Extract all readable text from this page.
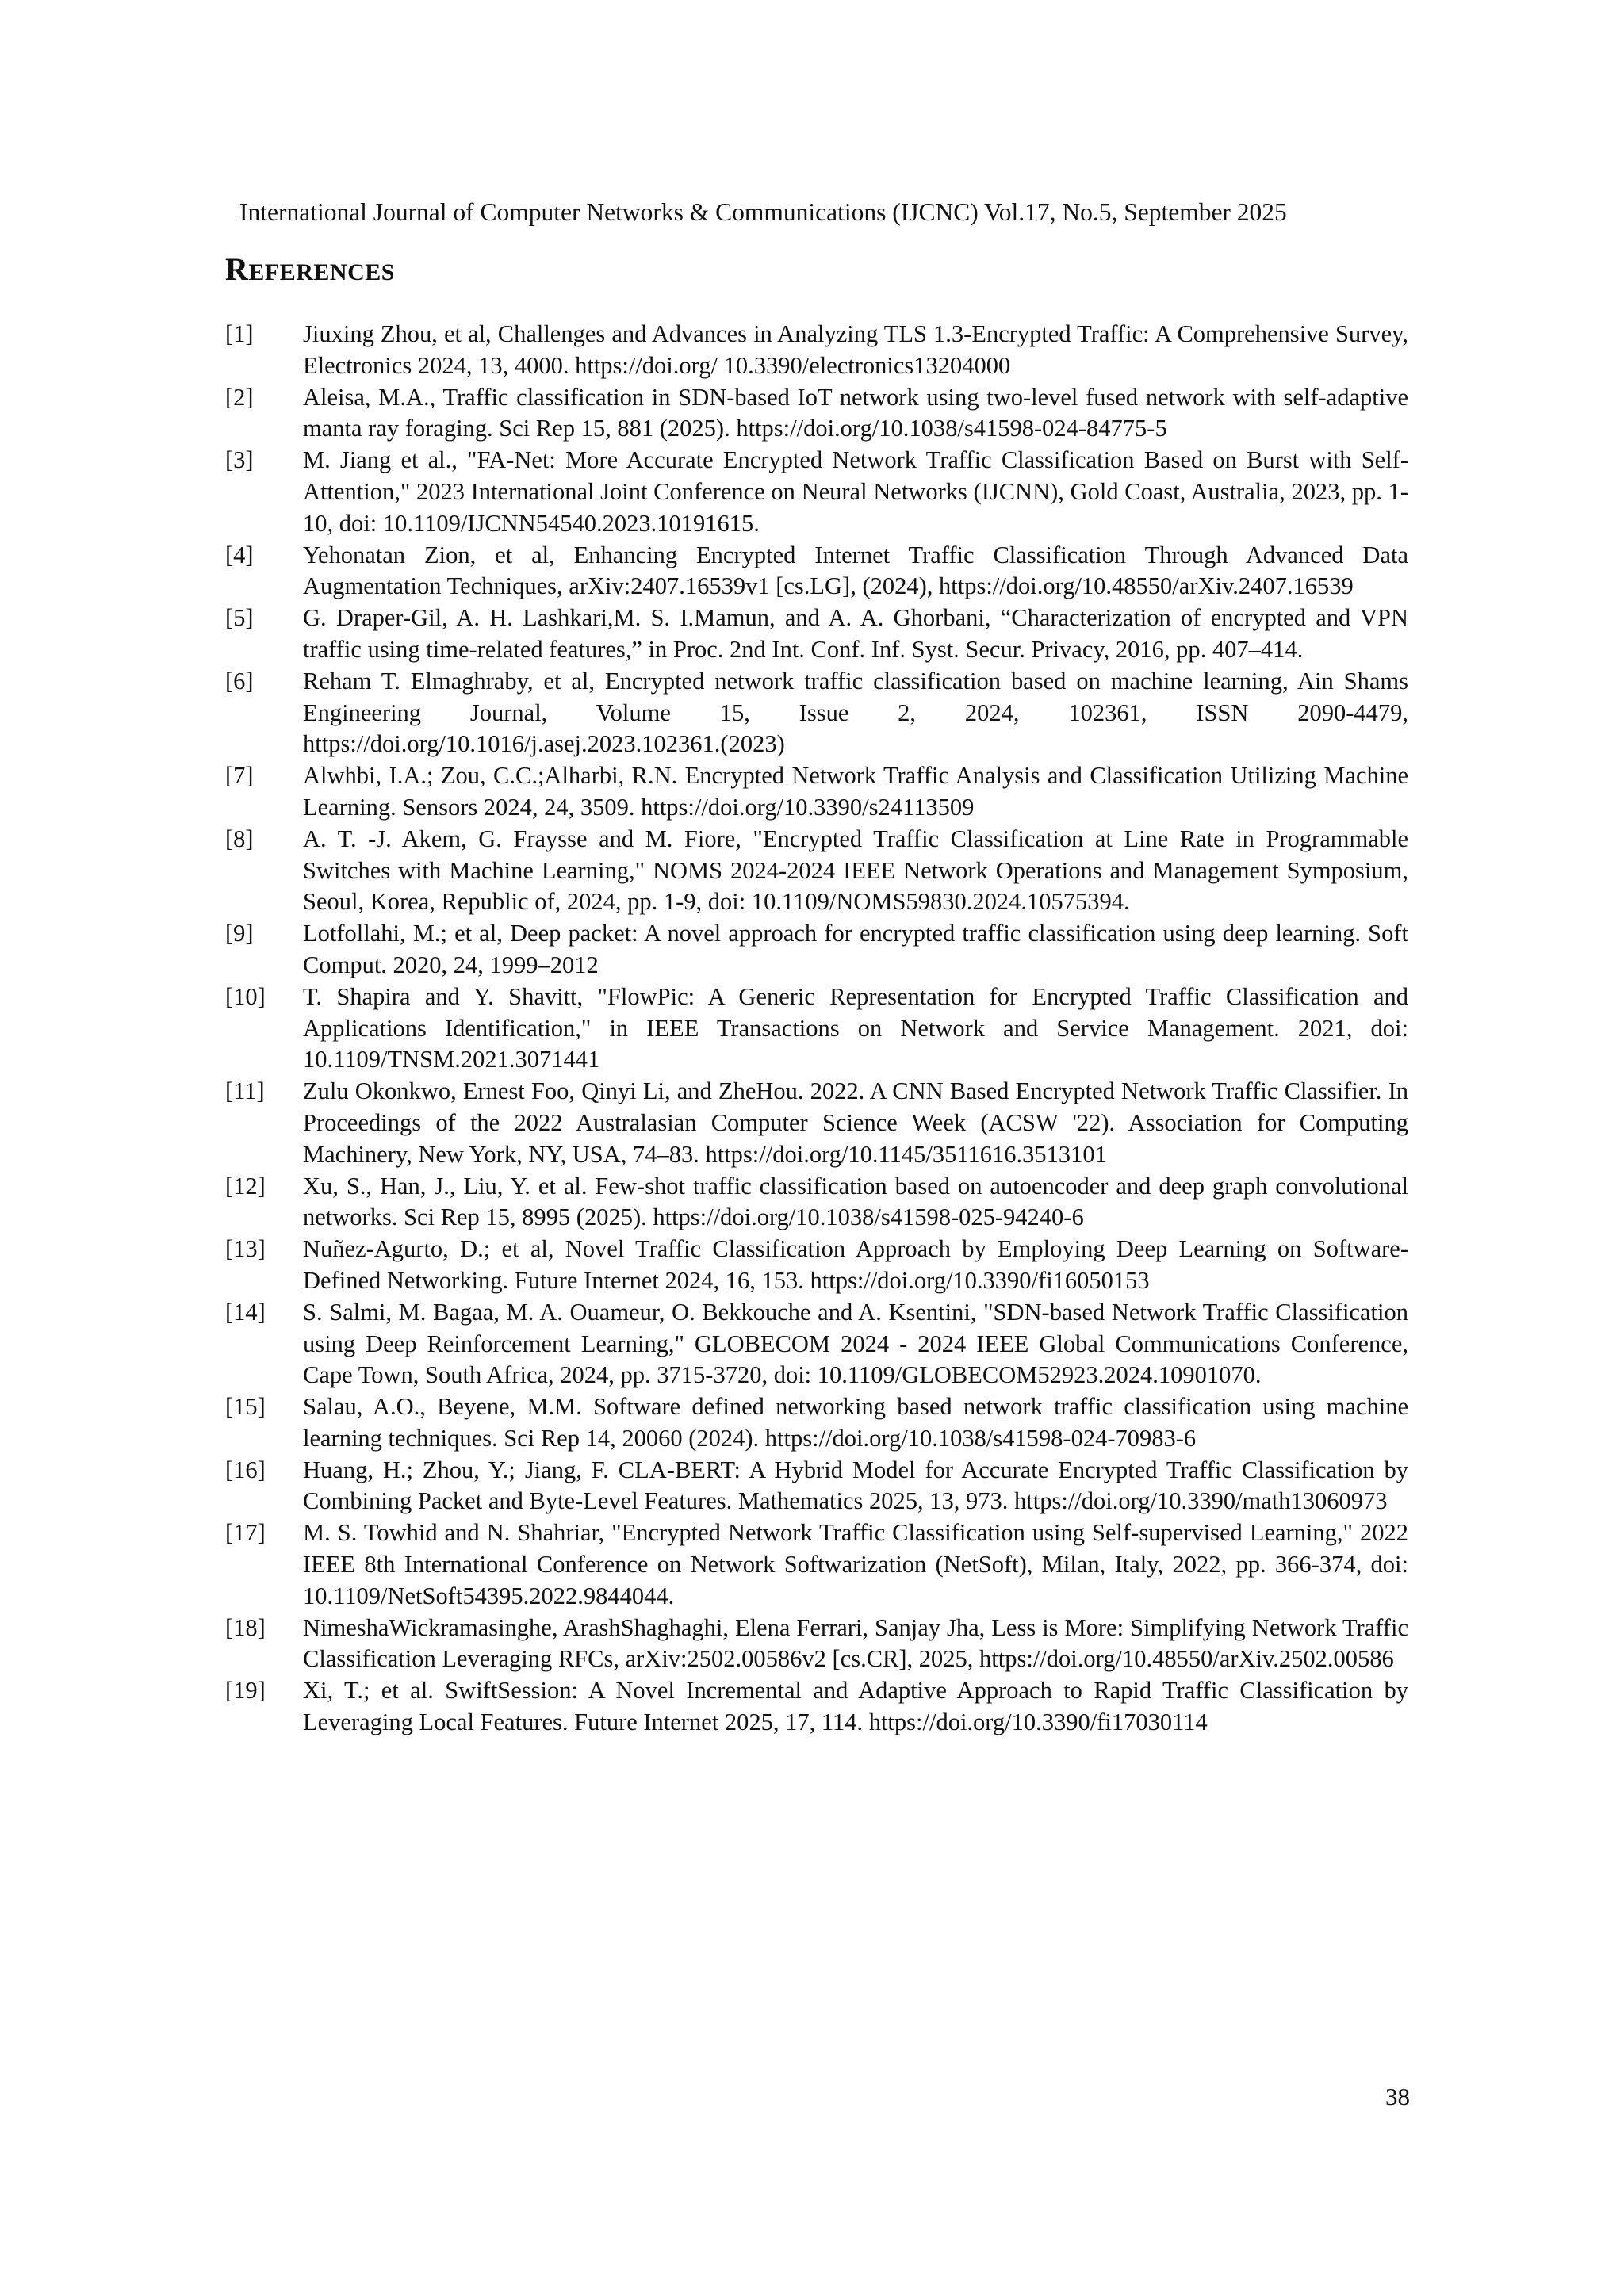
International Journal of Computer Networks & Communications (IJCNC) Vol.17, No.5, September 2025
REFERENCES
[1]	Jiuxing Zhou, et al, Challenges and Advances in Analyzing TLS 1.3-Encrypted Traffic: A Comprehensive Survey, Electronics 2024, 13, 4000. https://doi.org/ 10.3390/electronics13204000
[2]	Aleisa, M.A., Traffic classification in SDN-based IoT network using two-level fused network with self-adaptive manta ray foraging. Sci Rep 15, 881 (2025). https://doi.org/10.1038/s41598-024-84775-5
[3]	M. Jiang et al., "FA-Net: More Accurate Encrypted Network Traffic Classification Based on Burst with Self-Attention," 2023 International Joint Conference on Neural Networks (IJCNN), Gold Coast, Australia, 2023, pp. 1-10, doi: 10.1109/IJCNN54540.2023.10191615.
[4]	Yehonatan Zion, et al, Enhancing Encrypted Internet Traffic Classification Through Advanced Data Augmentation Techniques, arXiv:2407.16539v1 [cs.LG], (2024), https://doi.org/10.48550/arXiv.2407.16539
[5]	G. Draper-Gil, A. H. Lashkari,M. S. I.Mamun, and A. A. Ghorbani, “Characterization of encrypted and VPN traffic using time-related features,” in Proc. 2nd Int. Conf. Inf. Syst. Secur. Privacy, 2016, pp. 407–414.
[6]	Reham T. Elmaghraby, et al, Encrypted network traffic classification based on machine learning, Ain Shams Engineering Journal, Volume 15, Issue 2, 2024, 102361, ISSN 2090-4479, https://doi.org/10.1016/j.asej.2023.102361.(2023)
[7]	Alwhbi, I.A.; Zou, C.C.;Alharbi, R.N. Encrypted Network Traffic Analysis and Classification Utilizing Machine Learning. Sensors 2024, 24, 3509. https://doi.org/10.3390/s24113509
[8]	A. T. -J. Akem, G. Fraysse and M. Fiore, "Encrypted Traffic Classification at Line Rate in Programmable Switches with Machine Learning," NOMS 2024-2024 IEEE Network Operations and Management Symposium, Seoul, Korea, Republic of, 2024, pp. 1-9, doi: 10.1109/NOMS59830.2024.10575394.
[9]	Lotfollahi, M.; et al, Deep packet: A novel approach for encrypted traffic classification using deep learning. Soft Comput. 2020, 24, 1999–2012
[10]	T. Shapira and Y. Shavitt, "FlowPic: A Generic Representation for Encrypted Traffic Classification and Applications Identification," in IEEE Transactions on Network and Service Management. 2021, doi: 10.1109/TNSM.2021.3071441
[11]	Zulu Okonkwo, Ernest Foo, Qinyi Li, and ZheHou. 2022. A CNN Based Encrypted Network Traffic Classifier. In Proceedings of the 2022 Australasian Computer Science Week (ACSW '22). Association for Computing Machinery, New York, NY, USA, 74–83. https://doi.org/10.1145/3511616.3513101
[12]	Xu, S., Han, J., Liu, Y. et al. Few-shot traffic classification based on autoencoder and deep graph convolutional networks. Sci Rep 15, 8995 (2025). https://doi.org/10.1038/s41598-025-94240-6
[13]	Nuñez-Agurto, D.; et al, Novel Traffic Classification Approach by Employing Deep Learning on Software-Defined Networking. Future Internet 2024, 16, 153. https://doi.org/10.3390/fi16050153
[14]	S. Salmi, M. Bagaa, M. A. Ouameur, O. Bekkouche and A. Ksentini, "SDN-based Network Traffic Classification using Deep Reinforcement Learning," GLOBECOM 2024 - 2024 IEEE Global Communications Conference, Cape Town, South Africa, 2024, pp. 3715-3720, doi: 10.1109/GLOBECOM52923.2024.10901070.
[15]	Salau, A.O., Beyene, M.M. Software defined networking based network traffic classification using machine learning techniques. Sci Rep 14, 20060 (2024). https://doi.org/10.1038/s41598-024-70983-6
[16]	Huang, H.; Zhou, Y.; Jiang, F. CLA-BERT: A Hybrid Model for Accurate Encrypted Traffic Classification by Combining Packet and Byte-Level Features. Mathematics 2025, 13, 973. https://doi.org/10.3390/math13060973
[17]	M. S. Towhid and N. Shahriar, "Encrypted Network Traffic Classification using Self-supervised Learning," 2022 IEEE 8th International Conference on Network Softwarization (NetSoft), Milan, Italy, 2022, pp. 366-374, doi: 10.1109/NetSoft54395.2022.9844044.
[18]	NimeshaWickramasinghe, ArashShaghaghi, Elena Ferrari, Sanjay Jha, Less is More: Simplifying Network Traffic Classification Leveraging RFCs, arXiv:2502.00586v2 [cs.CR], 2025, https://doi.org/10.48550/arXiv.2502.00586
[19]	Xi, T.; et al. SwiftSession: A Novel Incremental and Adaptive Approach to Rapid Traffic Classification by Leveraging Local Features. Future Internet 2025, 17, 114. https://doi.org/10.3390/fi17030114
38
